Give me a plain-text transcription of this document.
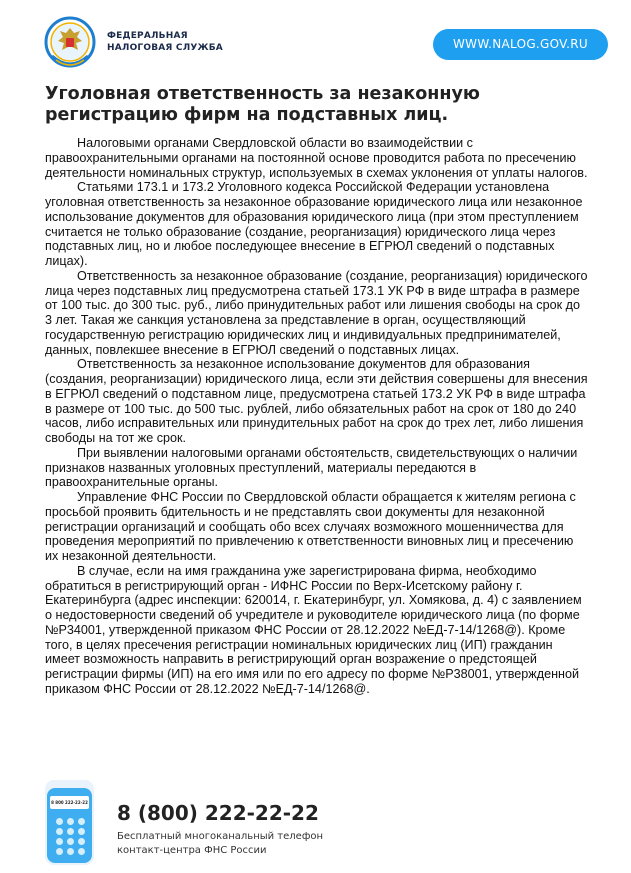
ФЕДЕРАЛЬНАЯ
НАЛОГОВАЯ СЛУЖБА	WWW.NALOG.GOV.RU
Уголовная ответственность за незаконную регистрацию фирм на подставных лиц.

Налоговыми органами Свердловской области во взаимодействии с правоохранительными органами на постоянной основе проводится работа по пресечению деятельности номинальных структур, используемых в схемах уклонения от уплаты налогов.

Статьями 173.1 и 173.2 Уголовного кодекса Российской Федерации установлена уголовная ответственность за незаконное образование юридического лица или незаконное использование документов для образования юридического лица (при этом преступлением считается не только образование (создание, реорганизация) юридического лица через подставных лиц, но и любое последующее внесение в ЕГРЮЛ сведений о подставных лицах).

Ответственность за незаконное образование (создание, реорганизация) юридического лица через подставных лиц предусмотрена статьей 173.1 УК РФ в виде штрафа в размере от 100 тыс. до 300 тыс. руб., либо принудительных работ или лишения свободы на срок до 3 лет. Такая же санкция установлена за представление в орган, осуществляющий государственную регистрацию юридических лиц и индивидуальных предпринимателей, данных, повлекшее внесение в ЕГРЮЛ сведений о подставных лицах.

Ответственность за незаконное использование документов для образования (создания, реорганизации) юридического лица, если эти действия совершены для внесения в ЕГРЮЛ сведений о подставном лице, предусмотрена статьей 173.2 УК РФ в виде штрафа в размере от 100 тыс. до 500 тыс. рублей, либо обязательных работ на срок от 180 до 240 часов, либо исправительных или принудительных работ на срок до трех лет, либо лишения свободы на тот же срок.

При выявлении налоговыми органами обстоятельств, свидетельствующих о наличии признаков названных уголовных преступлений, материалы передаются в правоохранительные органы.

Управление ФНС России по Свердловской области обращается к жителям региона с просьбой проявить бдительность и не представлять свои документы для незаконной регистрации организаций и сообщать обо всех случаях возможного мошенничества для проведения мероприятий по привлечению к ответственности виновных лиц и пресечению их незаконной деятельности.

В случае, если на имя гражданина уже зарегистрирована фирма, необходимо обратиться в регистрирующий орган - ИФНС России по Верх-Исетскому району г. Екатеринбурга (адрес инспекции: 620014, г. Екатеринбург, ул. Хомякова, д. 4) с заявлением о недостоверности сведений об учредителе и руководителе юридического лица (по форме №Р34001, утвержденной приказом ФНС России от 28.12.2022 №ЕД-7-14/1268@). Кроме того, в целях пресечения регистрации номинальных юридических лиц (ИП) гражданин имеет возможность направить в регистрирующий орган возражение о предстоящей регистрации фирмы (ИП) на его имя или по его адресу по форме №Р38001, утвержденной приказом ФНС России от 28.12.2022 №ЕД-7-14/1268@.

8 800 222-22-22 8 (800) 222-22-22

Бесплатный многоканальный телефон
контакт-центра ФНС России
